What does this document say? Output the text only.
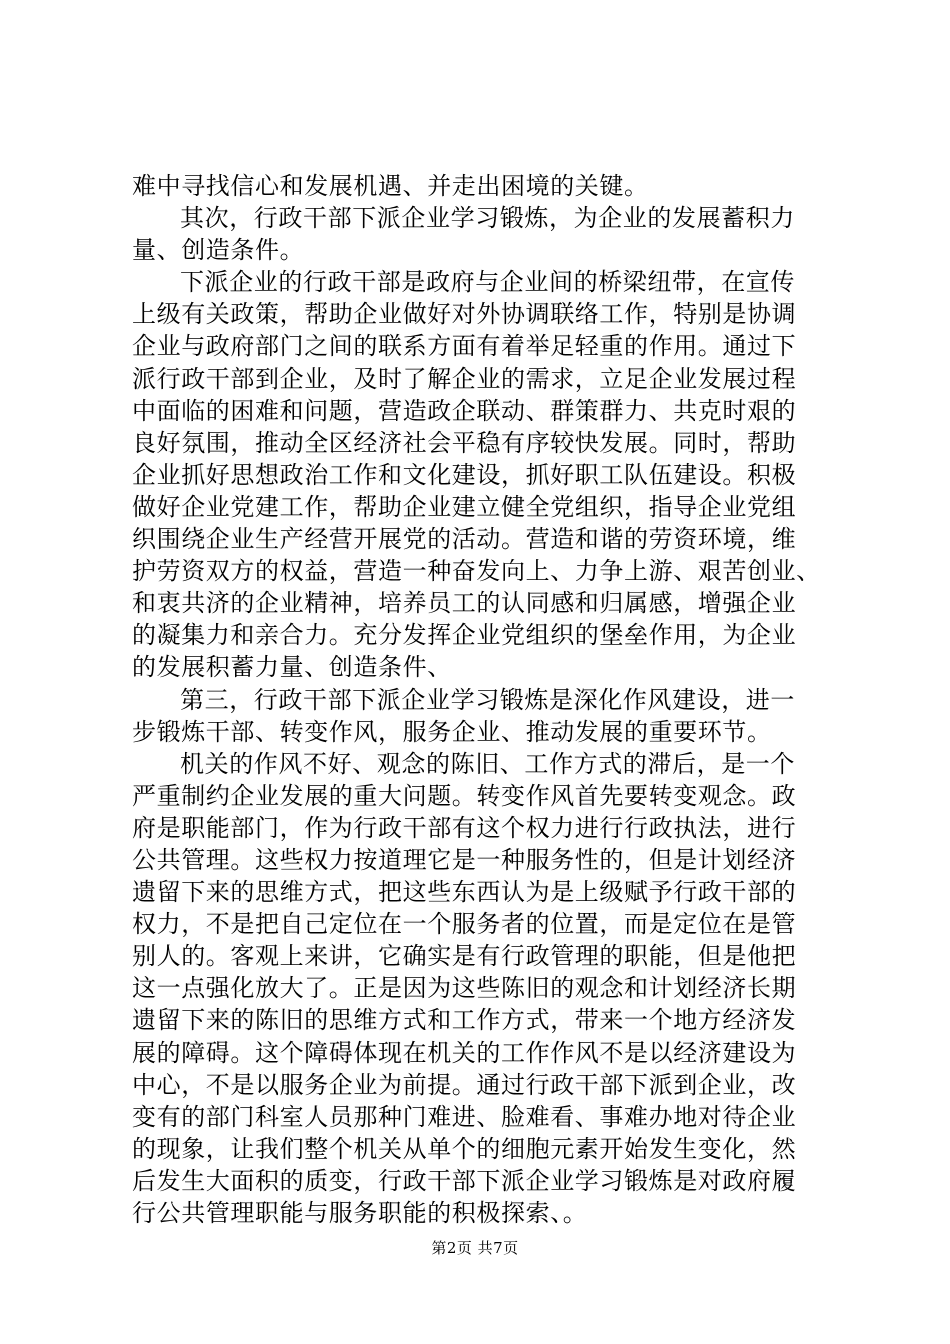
难中寻找信心和发展机遇、并走出困境的关键。
其次，行政干部下派企业学习锻炼，为企业的发展蓄积力
量、创造条件。
下派企业的行政干部是政府与企业间的桥梁纽带，在宣传
上级有关政策，帮助企业做好对外协调联络工作，特别是协调
企业与政府部门之间的联系方面有着举足轻重的作用。通过下
派行政干部到企业，及时了解企业的需求，立足企业发展过程
中面临的困难和问题，营造政企联动、群策群力、共克时艰的
良好氛围，推动全区经济社会平稳有序较快发展。同时，帮助
企业抓好思想政治工作和文化建设，抓好职工队伍建设。积极
做好企业党建工作，帮助企业建立健全党组织，指导企业党组
织围绕企业生产经营开展党的活动。营造和谐的劳资环境，维
护劳资双方的权益，营造一种奋发向上、力争上游、艰苦创业、
和衷共济的企业精神，培养员工的认同感和归属感，增强企业
的凝集力和亲合力。充分发挥企业党组织的堡垒作用，为企业
的发展积蓄力量、创造条件、
第三，行政干部下派企业学习锻炼是深化作风建设，进一
步锻炼干部、转变作风，服务企业、推动发展的重要环节。
机关的作风不好、观念的陈旧、工作方式的滞后，是一个
严重制约企业发展的重大问题。转变作风首先要转变观念。政
府是职能部门，作为行政干部有这个权力进行行政执法，进行
公共管理。这些权力按道理它是一种服务性的，但是计划经济
遗留下来的思维方式，把这些东西认为是上级赋予行政干部的
权力，不是把自己定位在一个服务者的位置，而是定位在是管
别人的。客观上来讲，它确实是有行政管理的职能，但是他把
这一点强化放大了。正是因为这些陈旧的观念和计划经济长期
遗留下来的陈旧的思维方式和工作方式，带来一个地方经济发
展的障碍。这个障碍体现在机关的工作作风不是以经济建设为
中心，不是以服务企业为前提。通过行政干部下派到企业，改
变有的部门科室人员那种门难进、脸难看、事难办地对待企业
的现象，让我们整个机关从单个的细胞元素开始发生变化，然
后发生大面积的质变，行政干部下派企业学习锻炼是对政府履
行公共管理职能与服务职能的积极探索、。
第2页 共7页
